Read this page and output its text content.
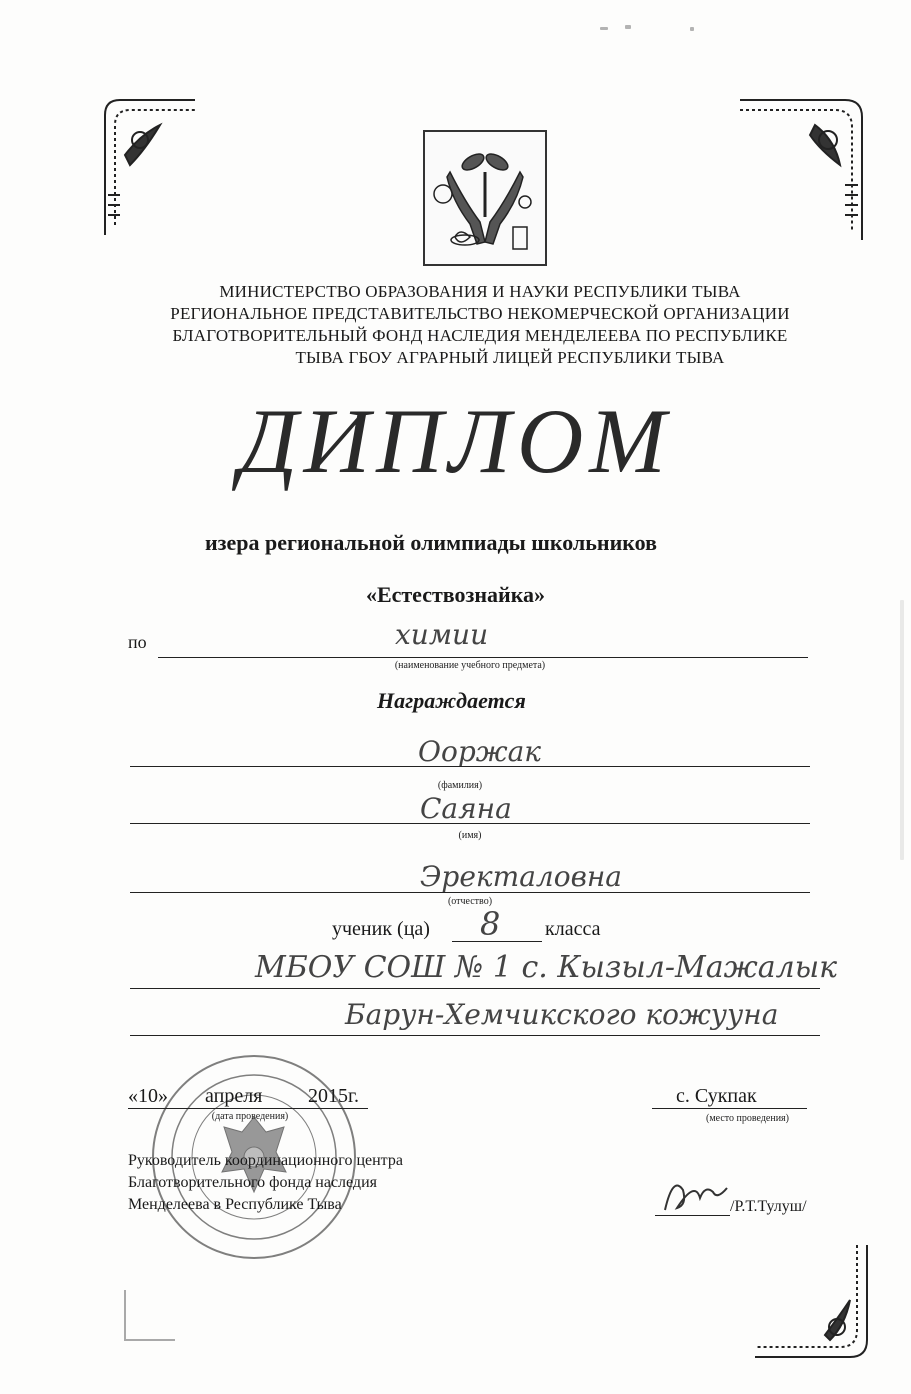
МИНИСТЕРСТВО ОБРАЗОВАНИЯ И НАУКИ РЕСПУБЛИКИ ТЫВА
РЕГИОНАЛЬНОЕ ПРЕДСТАВИТЕЛЬСТВО НЕКОМЕРЧЕСКОЙ ОРГАНИЗАЦИИ
БЛАГОТВОРИТЕЛЬНЫЙ ФОНД НАСЛЕДИЯ МЕНДЕЛЕЕВА ПО РЕСПУБЛИКЕ
ТЫВА ГБОУ АГРАРНЫЙ ЛИЦЕЙ РЕСПУБЛИКИ ТЫВА
ДИПЛОМ
изера региональной олимпиады школьников
«Естествознайка»
по	химии
(наименование учебного предмета)
Награждается
Ооржак
(фамилия)
Саяна
(имя)
Эректаловна
(отчество)
ученик (ца) 8 класса
МБОУ СОШ № 1 с. Кызыл-Мажалык
Барун-Хемчикского кожууна
«10» апреля 2015г.
(дата проведения)
с. Сукпак
(место проведения)
Руководитель координационного центра
Благотворительного фонда наследия
Менделеева в Республике Тыва	/Р.Т.Тулуш/
